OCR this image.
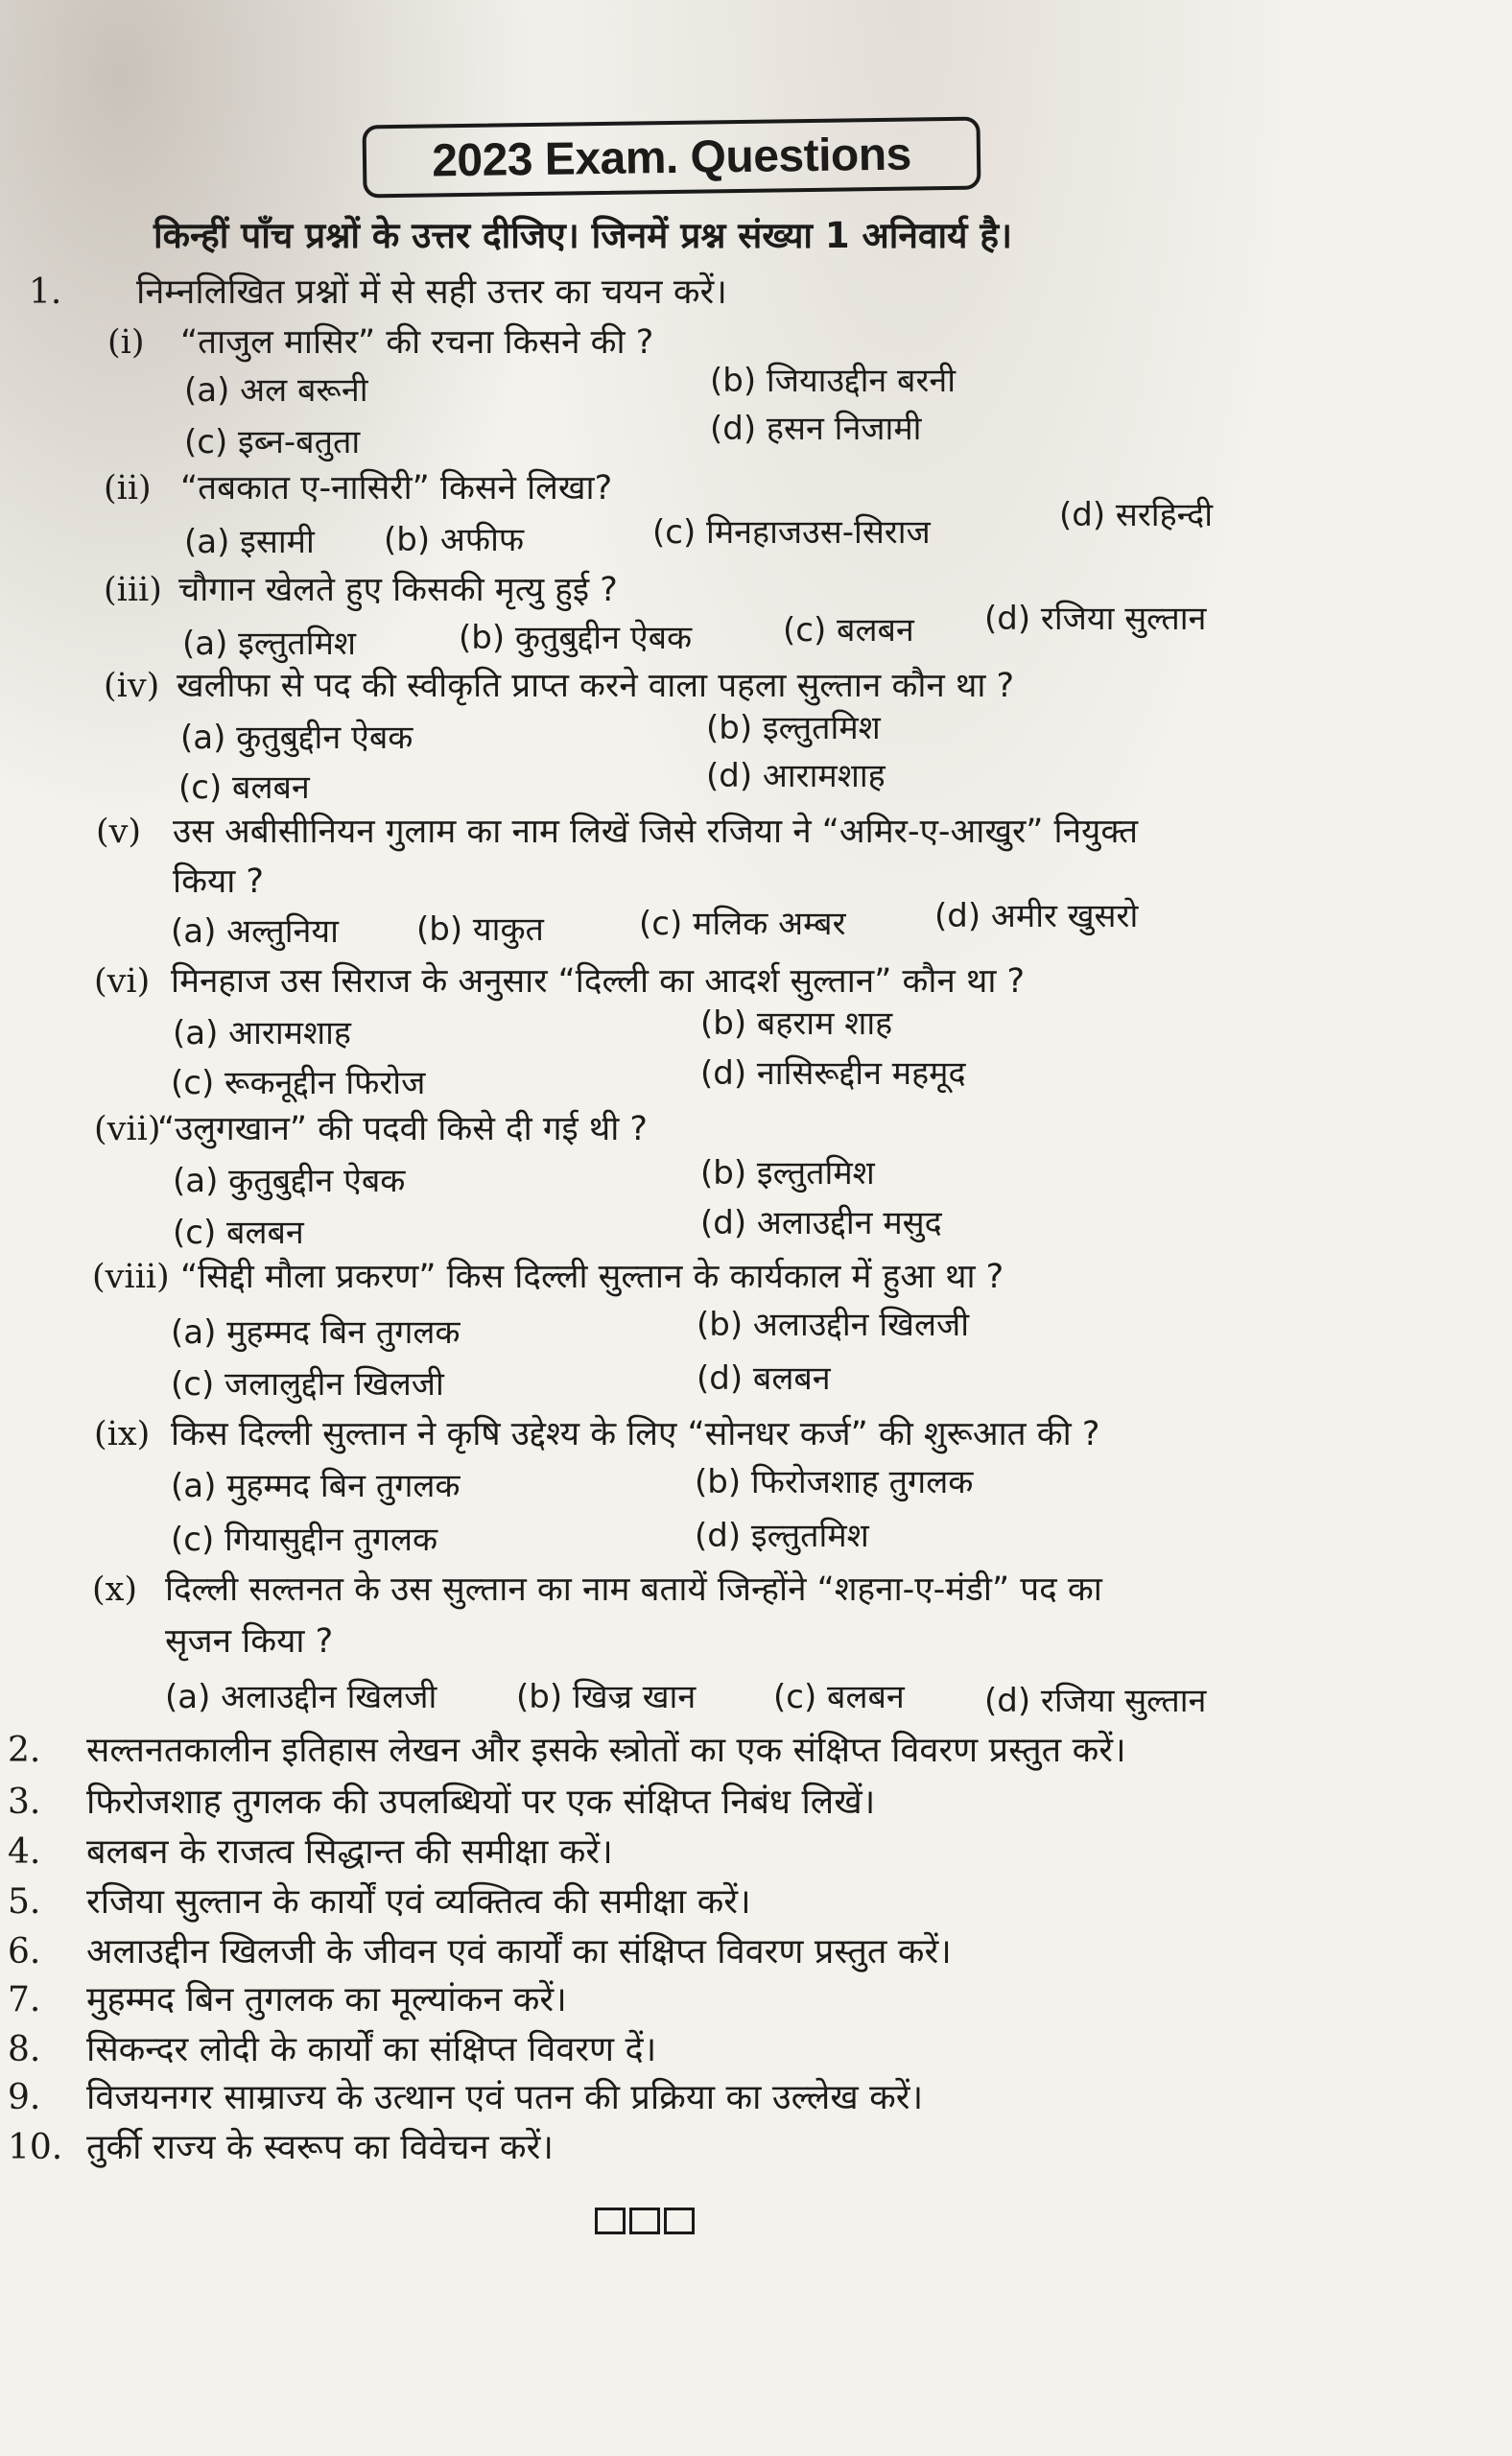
2023 Exam. Questions
किन्हीं पाँच प्रश्नों के उत्तर दीजिए। जिनमें प्रश्न संख्या 1 अनिवार्य है।
1. निम्नलिखित प्रश्नों में से सही उत्तर का चयन करें।
(i) “ताजुल मासिर” की रचना किसने की ?
(a) अल बरूनी	(b) जियाउद्दीन बरनी
(c) इब्न-बतुता	(d) हसन निजामी
(ii) “तबकात ए-नासिरी” किसने लिखा?
(a) इसामी (b) अफीफ	(c) मिनहाजउस-सिराज	(d) सरहिन्दी
(iii) चौगान खेलते हुए किसकी मृत्यु हुई ?
(a) इल्तुतमिश	(b) कुतुबुद्दीन ऐबक	(c) बलबन (d) रजिया सुल्तान
(iv) खलीफा से पद की स्वीकृति प्राप्त करने वाला पहला सुल्तान कौन था ?
(a) कुतुबुद्दीन ऐबक	(b) इल्तुतमिश
(c) बलबन	(d) आरामशाह
(v) उस अबीसीनियन गुलाम का नाम लिखें जिसे रजिया ने “अमिर-ए-आखुर” नियुक्त
किया ?
(a) अल्तुनिया (b) याकुत	(c) मलिक अम्बर	(d) अमीर खुसरो
(vi) मिनहाज उस सिराज के अनुसार “दिल्ली का आदर्श सुल्तान” कौन था ?
(a) आरामशाह	(b) बहराम शाह
(c) रूकनूद्दीन फिरोज	(d) नासिरूद्दीन महमूद
(vii)“उलुगखान” की पदवी किसे दी गई थी ?
(a) कुतुबुद्दीन ऐबक	(b) इल्तुतमिश
(c) बलबन	(d) अलाउद्दीन मसुद
(viii) “सिद्दी मौला प्रकरण” किस दिल्ली सुल्तान के कार्यकाल में हुआ था ?
(a) मुहम्मद बिन तुगलक	(b) अलाउद्दीन खिलजी
(c) जलालुद्दीन खिलजी	(d) बलबन
(ix) किस दिल्ली सुल्तान ने कृषि उद्देश्य के लिए “सोनधर कर्ज” की शुरूआत की ?
(a) मुहम्मद बिन तुगलक	(b) फिरोजशाह तुगलक
(c) गियासुद्दीन तुगलक	(d) इल्तुतमिश
(x) दिल्ली सल्तनत के उस सुल्तान का नाम बतायें जिन्होंने “शहना-ए-मंडी” पद का
सृजन किया ?
(a) अलाउद्दीन खिलजी (b) खिज्र खान (c) बलबन (d) रजिया सुल्तान
2. सल्तनतकालीन इतिहास लेखन और इसके स्त्रोतों का एक संक्षिप्त विवरण प्रस्तुत करें।
3. फिरोजशाह तुगलक की उपलब्धियों पर एक संक्षिप्त निबंध लिखें।
4. बलबन के राजत्व सिद्धान्त की समीक्षा करें।
5. रजिया सुल्तान के कार्यों एवं व्यक्तित्व की समीक्षा करें।
6. अलाउद्दीन खिलजी के जीवन एवं कार्यों का संक्षिप्त विवरण प्रस्तुत करें।
7. मुहम्मद बिन तुगलक का मूल्यांकन करें।
8. सिकन्दर लोदी के कार्यों का संक्षिप्त विवरण दें।
9. विजयनगर साम्राज्य के उत्थान एवं पतन की प्रक्रिया का उल्लेख करें।
10. तुर्की राज्य के स्वरूप का विवेचन करें।
